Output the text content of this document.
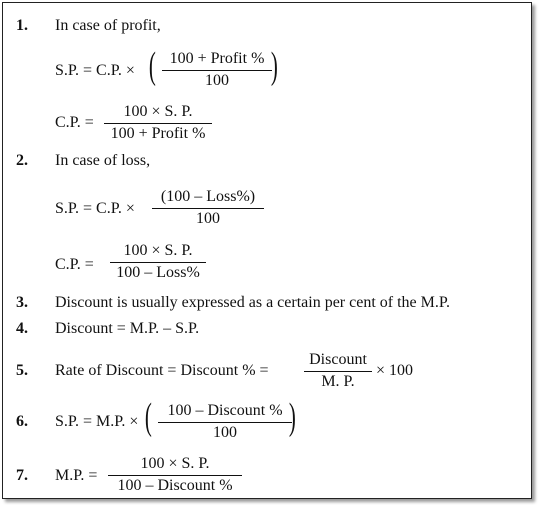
1. In case of profit,
S.P. = C.P. × ( 100 + Profit %
100	)
C.P. =
100 × S. P.
100 + Profit %
2. In case of loss,
S.P. = C.P. ×
(100 – Loss%)
100
C.P. =
100 × S. P.
100 – Loss%
3. Discount is usually expressed as a certain per cent of the M.P.
4. Discount = M.P. – S.P.
5. Rate of Discount = Discount % =
Discount
M. P.
× 100
6. S.P. = M.P. × ( 100 – Discount %
100	)
7. M.P. =
100 × S. P.
100 – Discount %
